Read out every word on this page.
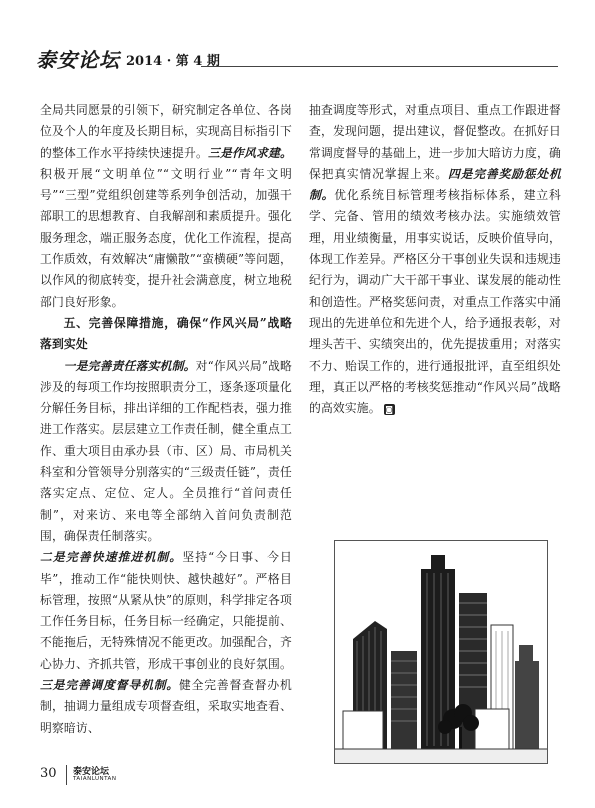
泰安论坛 2014 · 第 4 期

全局共同愿景的引领下，研究制定各单位、各岗位及个人的年度及长期目标，实现高目标指引下的整体工作水平持续快速提升。三是作风求建。积极开展“文明单位”“文明行业”“青年文明号”“三型”党组织创建等系列争创活动，加强干部职工的思想教育、自我解剖和素质提升。强化服务理念，端正服务态度，优化工作流程，提高工作质效，有效解决“庸懒散”“蛮横硬”等问题，以作风的彻底转变，提升社会满意度，树立地税部门良好形象。

五、完善保障措施，确保“作风兴局”战略落到实处

一是完善责任落实机制。对“作风兴局”战略涉及的每项工作均按照职责分工，逐条逐项量化分解任务目标，排出详细的工作配档表，强力推进工作落实。层层建立工作责任制，健全重点工作、重大项目由承办县（市、区）局、市局机关科室和分管领导分别落实的“三级责任链”，责任落实定点、定位、定人。全员推行“首问责任制”，对来访、来电等全部纳入首问负责制范围，确保责任制落实。

二是完善快速推进机制。坚持“今日事、今日毕”，推动工作“能快则快、越快越好”。严格目标管理，按照“从紧从快”的原则，科学排定各项工作任务目标，任务目标一经确定，只能提前、不能拖后，无特殊情况不能更改。加强配合，齐心协力、齐抓共管，形成干事创业的良好氛围。三是完善调度督导机制。健全完善督查督办机制，抽调力量组成专项督查组，采取实地查看、明察暗访、

抽查调度等形式，对重点项目、重点工作跟进督查，发现问题，提出建议，督促整改。在抓好日常调度督导的基础上，进一步加大暗访力度，确保把真实情况掌握上来。四是完善奖励惩处机制。优化系统目标管理考核指标体系，建立科学、完备、管用的绩效考核办法。实施绩效管理，用业绩衡量，用事实说话，反映价值导向，体现工作差异。严格区分干事创业失误和违规违纪行为，调动广大干部干事业、谋发展的能动性和创造性。严格奖惩问责，对重点工作落实中涌现出的先进单位和先进个人，给予通报表彰，对埋头苦干、实绩突出的，优先提拔重用；对落实不力、贻误工作的，进行通报批评，直至组织处理，真正以严格的考核奖惩推动“作风兴局”战略的高效实施。 ◙

30 泰安论坛
TAIANLUNTAN
